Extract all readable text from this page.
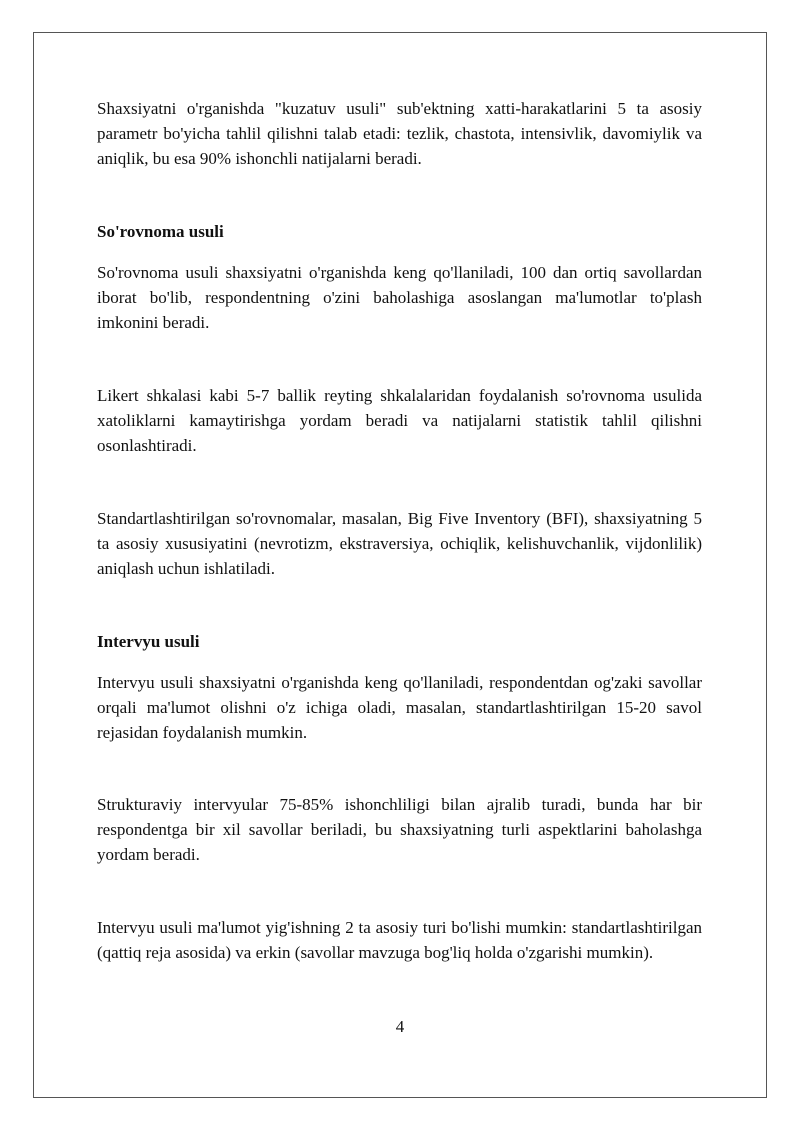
Shaxsiyatni o'rganishda "kuzatuv usuli" sub'ektning xatti-harakatlarini 5 ta asosiy parametr bo'yicha tahlil qilishni talab etadi: tezlik, chastota, intensivlik, davomiylik va aniqlik, bu esa 90% ishonchli natijalarni beradi.

So'rovnoma usuli

So'rovnoma usuli shaxsiyatni o'rganishda keng qo'llaniladi, 100 dan ortiq savollardan iborat bo'lib, respondentning o'zini baholashiga asoslangan ma'lumotlar to'plash imkonini beradi.

Likert shkalasi kabi 5-7 ballik reyting shkalalaridan foydalanish so'rovnoma usulida xatoliklarni kamaytirishga yordam beradi va natijalarni statistik tahlil qilishni osonlashtiradi.

Standartlashtirilgan so'rovnomalar, masalan, Big Five Inventory (BFI), shaxsiyatning 5 ta asosiy xususiyatini (nevrotizm, ekstraversiya, ochiqlik, kelishuvchanlik, vijdonlilik) aniqlash uchun ishlatiladi.

Intervyu usuli

Intervyu usuli shaxsiyatni o'rganishda keng qo'llaniladi, respondentdan og'zaki savollar orqali ma'lumot olishni o'z ichiga oladi, masalan, standartlashtirilgan 15-20 savol rejasidan foydalanish mumkin.

Strukturaviy intervyular 75-85% ishonchliligi bilan ajralib turadi, bunda har bir respondentga bir xil savollar beriladi, bu shaxsiyatning turli aspektlarini baholashga yordam beradi.

Intervyu usuli ma'lumot yig'ishning 2 ta asosiy turi bo'lishi mumkin: standartlashtirilgan (qattiq reja asosida) va erkin (savollar mavzuga bog'liq holda o'zgarishi mumkin).

4
